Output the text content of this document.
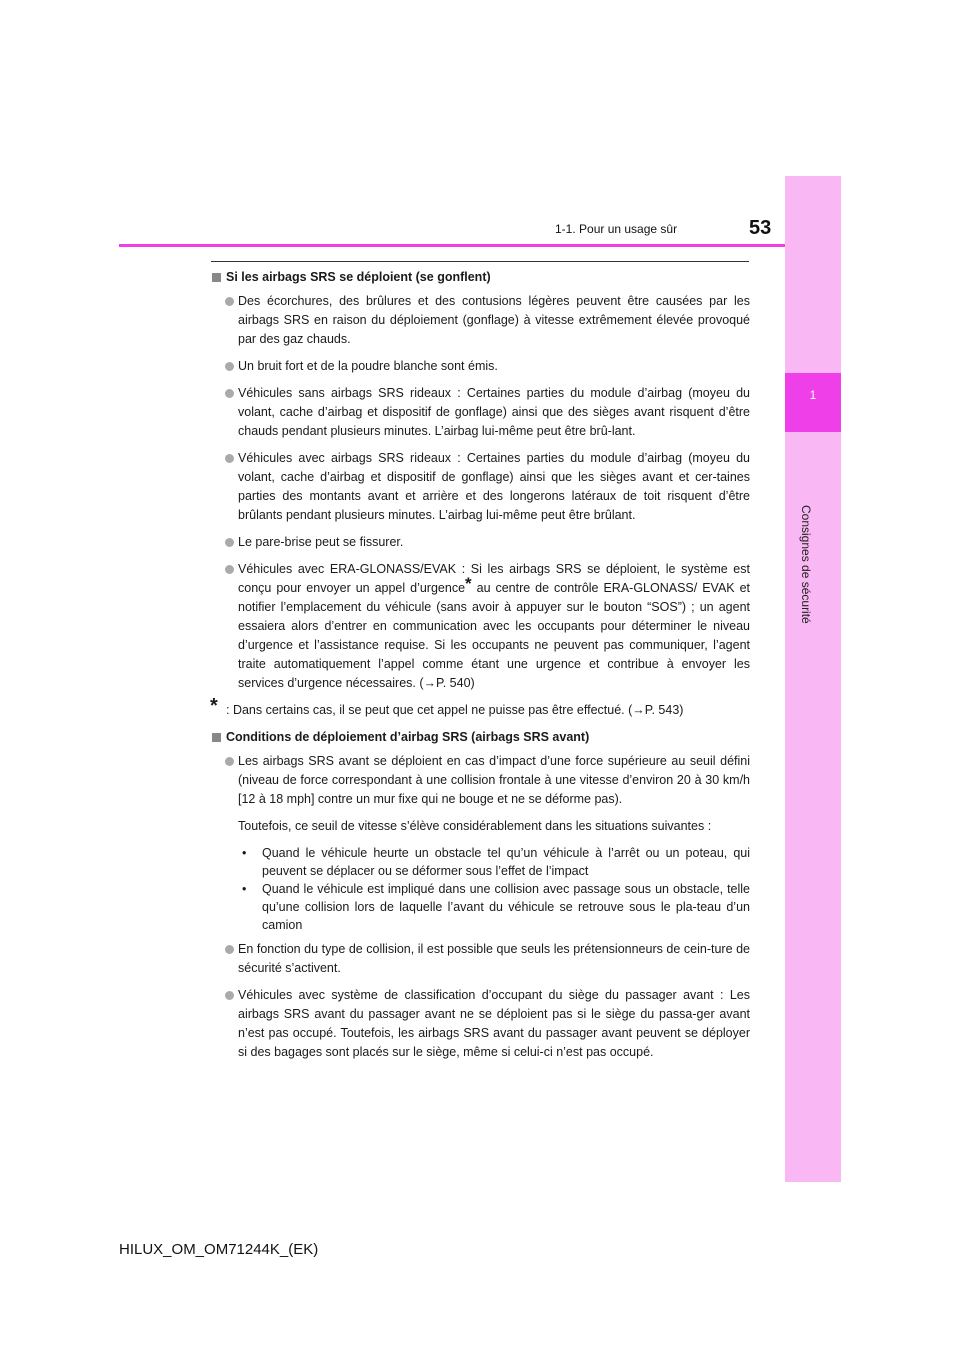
1
Consignes de sécurité
1-1. Pour un usage sûr	53
Si les airbags SRS se déploient (se gonflent)
Des écorchures, des brûlures et des contusions légères peuvent être causées par les airbags SRS en raison du déploiement (gonflage) à vitesse extrêmement élevée provoqué par des gaz chauds.
Un bruit fort et de la poudre blanche sont émis.
Véhicules sans airbags SRS rideaux : Certaines parties du module d’airbag (moyeu du volant, cache d’airbag et dispositif de gonflage) ainsi que des sièges avant risquent d’être chauds pendant plusieurs minutes. L’airbag lui-même peut être brû-lant.
Véhicules avec airbags SRS rideaux : Certaines parties du module d’airbag (moyeu du volant, cache d’airbag et dispositif de gonflage) ainsi que les sièges avant et cer-taines parties des montants avant et arrière et des longerons latéraux de toit risquent d’être brûlants pendant plusieurs minutes. L’airbag lui-même peut être brûlant.
Le pare-brise peut se fissurer.
Véhicules avec ERA-GLONASS/EVAK : Si les airbags SRS se déploient, le système est conçu pour envoyer un appel d’urgence* au centre de contrôle ERA-GLONASS/ EVAK et notifier l’emplacement du véhicule (sans avoir à appuyer sur le bouton “SOS”) ; un agent essaiera alors d’entrer en communication avec les occupants pour déterminer le niveau d’urgence et l’assistance requise. Si les occupants ne peuvent pas communiquer, l’agent traite automatiquement l’appel comme étant une urgence et contribue à envoyer les services d’urgence nécessaires. (→P. 540)
* : Dans certains cas, il se peut que cet appel ne puisse pas être effectué. (→P. 543)
Conditions de déploiement d’airbag SRS (airbags SRS avant)
Les airbags SRS avant se déploient en cas d’impact d’une force supérieure au seuil défini (niveau de force correspondant à une collision frontale à une vitesse d’environ 20 à 30 km/h [12 à 18 mph] contre un mur fixe qui ne bouge et ne se déforme pas).
Toutefois, ce seuil de vitesse s’élève considérablement dans les situations suivantes :
• Quand le véhicule heurte un obstacle tel qu’un véhicule à l’arrêt ou un poteau, qui peuvent se déplacer ou se déformer sous l’effet de l’impact
• Quand le véhicule est impliqué dans une collision avec passage sous un obstacle, telle qu’une collision lors de laquelle l’avant du véhicule se retrouve sous le pla-teau d’un camion
En fonction du type de collision, il est possible que seuls les prétensionneurs de cein-ture de sécurité s’activent.
Véhicules avec système de classification d’occupant du siège du passager avant : Les airbags SRS avant du passager avant ne se déploient pas si le siège du passa-ger avant n’est pas occupé. Toutefois, les airbags SRS avant du passager avant peuvent se déployer si des bagages sont placés sur le siège, même si celui-ci n’est pas occupé.
HILUX_OM_OM71244K_(EK)
